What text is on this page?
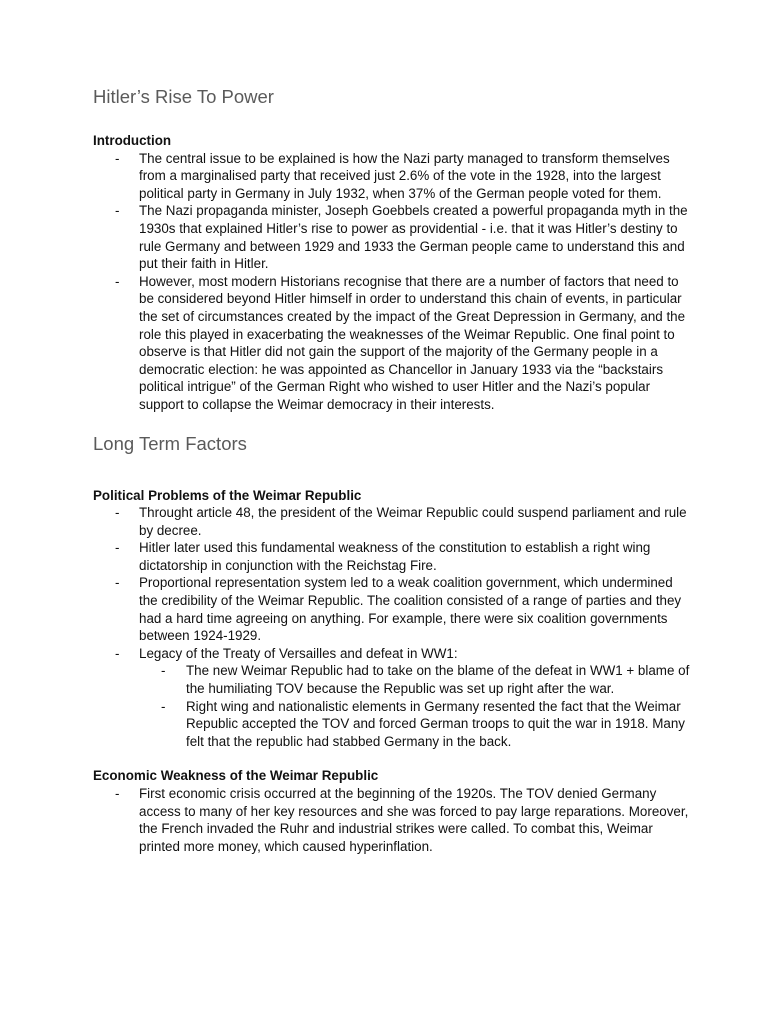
Hitler’s Rise To Power
Introduction
- The central issue to be explained is how the Nazi party managed to transform themselves from a marginalised party that received just 2.6% of the vote in the 1928, into the largest political party in Germany in July 1932, when 37% of the German people voted for them.
- The Nazi propaganda minister, Joseph Goebbels created a powerful propaganda myth in the 1930s that explained Hitler’s rise to power as providential - i.e. that it was Hitler’s destiny to rule Germany and between 1929 and 1933 the German people came to understand this and put their faith in Hitler.
- However, most modern Historians recognise that there are a number of factors that need to be considered beyond Hitler himself in order to understand this chain of events, in particular the set of circumstances created by the impact of the Great Depression in Germany, and the role this played in exacerbating the weaknesses of the Weimar Republic. One final point to observe is that Hitler did not gain the support of the majority of the Germany people in a democratic election: he was appointed as Chancellor in January 1933 via the “backstairs political intrigue” of the German Right who wished to user Hitler and the Nazi’s popular support to collapse the Weimar democracy in their interests.
Long Term Factors
Political Problems of the Weimar Republic
- Throught article 48, the president of the Weimar Republic could suspend parliament and rule by decree.
- Hitler later used this fundamental weakness of the constitution to establish a right wing dictatorship in conjunction with the Reichstag Fire.
- Proportional representation system led to a weak coalition government, which undermined the credibility of the Weimar Republic. The coalition consisted of a range of parties and they had a hard time agreeing on anything. For example, there were six coalition governments between 1924-1929.
- Legacy of the Treaty of Versailles and defeat in WW1:
- The new Weimar Republic had to take on the blame of the defeat in WW1 + blame of the humiliating TOV because the Republic was set up right after the war.
- Right wing and nationalistic elements in Germany resented the fact that the Weimar Republic accepted the TOV and forced German troops to quit the war in 1918. Many felt that the republic had stabbed Germany in the back.
Economic Weakness of the Weimar Republic
- First economic crisis occurred at the beginning of the 1920s. The TOV denied Germany access to many of her key resources and she was forced to pay large reparations. Moreover, the French invaded the Ruhr and industrial strikes were called. To combat this, Weimar printed more money, which caused hyperinflation.
